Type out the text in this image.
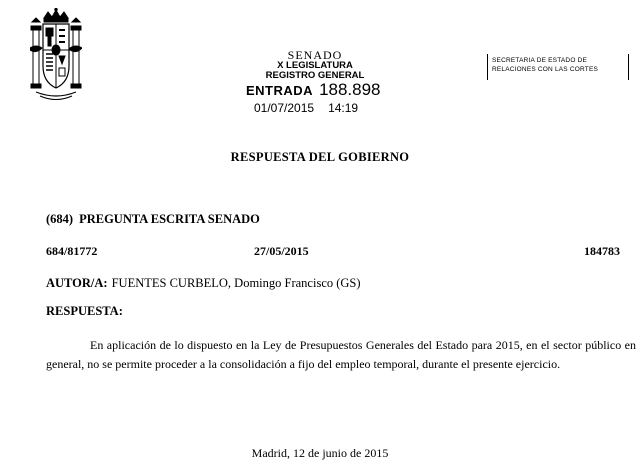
SENADO
X LEGISLATURA
REGISTRO GENERAL
ENTRADA 188.898
01/07/2015 14:19
SECRETARIA DE ESTADO DE
RELACIONES CON LAS CORTES
RESPUESTA DEL GOBIERNO
(684) PREGUNTA ESCRITA SENADO
684/81772	27/05/2015	184783
AUTOR/A: FUENTES CURBELO, Domingo Francisco (GS)
RESPUESTA:

En aplicación de lo dispuesto en la Ley de Presupuestos Generales del Estado para 2015, en el sector público en general, no se permite proceder a la consolidación a fijo del empleo temporal, durante el presente ejercicio.

Madrid, 12 de junio de 2015
